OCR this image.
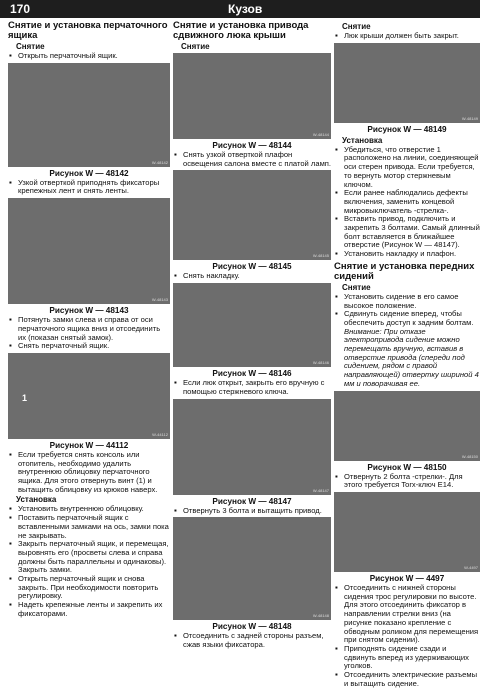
170	Кузов
Снятие и установка перчаточного ящика
Снятие
▪ Открыть перчаточный ящик.
W-48142
Рисунок W — 48142
▪ Узкой отверткой приподнять фиксаторы крепежных лент и снять ленты.
W-48143
Рисунок W — 48143
▪ Потянуть замки слева и справа от оси перчаточного ящика вниз и отсоединить их (показан снятый замок).
▪ Снять перчаточный ящик.
1
W-44112
Рисунок W — 44112
▪ Если требуется снять консоль или отопитель, необходимо удалить внутреннюю облицовку перчаточного ящика. Для этого отвернуть винт (1) и вытащить облицовку из крюков наверх.
Установка
▪ Установить внутреннюю облицовку.
▪ Поставить перчаточный ящик с вставленными замками на ось, замки пока не закрывать.
▪ Закрыть перчаточный ящик, и перемещая, выровнять его (просветы слева и справа должны быть параллельны и одинаковы). Закрыть замки.
▪ Открыть перчаточный ящик и снова закрыть. При необходимости повторить регулировку.
▪ Надеть крепежные ленты и закрепить их фиксаторами.
Снятие и установка привода сдвижного люка крыши
Снятие
W-48144
Рисунок W — 48144
▪ Снять узкой отверткой плафон освещения салона вместе с платой ламп.
W-48145
Рисунок W — 48145
▪ Снять накладку.
W-48146
Рисунок W — 48146
▪ Если люк открыт, закрыть его вручную с помощью стержневого ключа.
W-48147
Рисунок W — 48147
▪ Отвернуть 3 болта и вытащить привод.
W-48148
Рисунок W — 48148
▪ Отсоединить с задней стороны разъем, сжав языки фиксатора.
Снятие
▪ Люк крыши должен быть закрыт.
W-48149
Рисунок W — 48149
Установка
▪ Убедиться, что отверстие 1 расположено на линии, соединяющей оси стерен привода. Если требуется, то вернуть мотор стержневым ключом.
▪ Если ранее наблюдались дефекты включения, заменить концевой микровыключатель -стрелка-.
▪ Вставить привод, подключить и закрепить 3 болтами. Самый длинный болт вставляется в ближайшее отверстие (Рисунок W — 48147).
▪ Установить накладку и плафон.
Снятие и установка передних сидений
Снятие
▪ Установить сидение в его самое высокое положение.
▪ Сдвинуть сидение вперед, чтобы обеспечить доступ к задним болтам.
Внимание: При отказе электропривода сидение можно перемещать вручную, вставив в отверстие привода (спереди под сидением, рядом с правой направляющей) отвертку шириной 4 мм и поворачивая ее.
W-48150
Рисунок W — 48150
▪ Отвернуть 2 болта -стрелки-. Для этого требуется Torx-ключ E14.
W-4497
Рисунок W — 4497
▪ Отсоединить с нижней стороны сидения трос регулировки по высоте. Для этого отсоединить фиксатор в направлении стрелки вниз (на рисунке показано крепление с обводным роликом для перемещения при снятом сидении).
▪ Приподнять сидение сзади и сдвинуть вперед из удерживающих уголков.
▪ Отсоединить электрические разъемы и вытащить сидение.
